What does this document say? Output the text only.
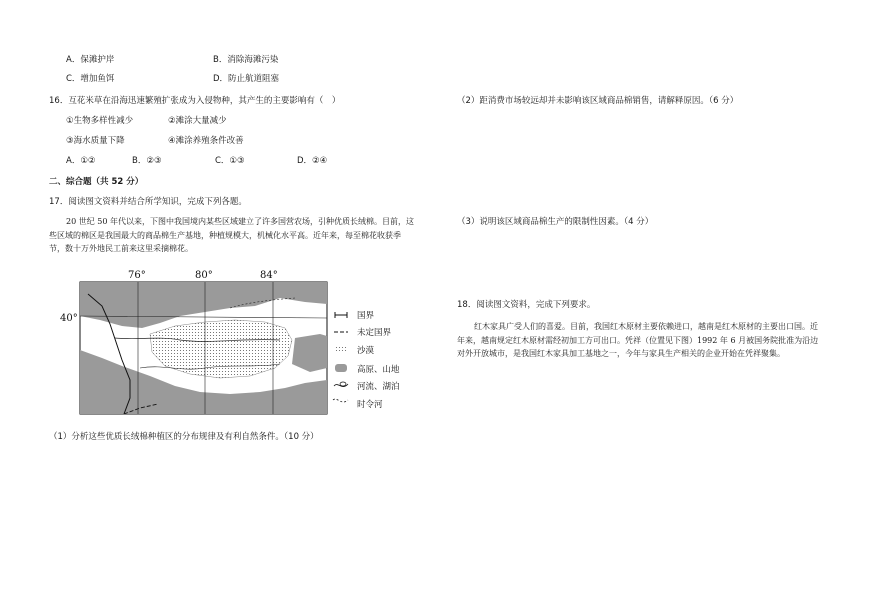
A．保滩护岸	B．消除海滩污染
C．增加鱼饵	D．防止航道阻塞
16．互花米草在沿海迅速繁殖扩张成为入侵物种，其产生的主要影响有（　）
①生物多样性减少	②滩涂大量减少
③海水质量下降	④滩涂养殖条件改善
A．①②	B．②③	C．①③	D．②④
二、综合题（共 52 分）
17．阅读图文资料并结合所学知识，完成下列各题。
20 世纪 50 年代以来，下图中我国境内某些区域建立了许多国营农场，引种优质长绒棉。目前，这些区域的棉区是我国最大的商品棉生产基地，种植规模大，机械化水平高。近年来，每至棉花收获季节，数十万外地民工前来这里采摘棉花。
76°	80°	84°
40°	国界
未定国界
沙漠
高原、山地
河流、湖泊
时令河
（1）分析这些优质长绒棉种植区的分布规律及有利自然条件。（10 分）
（2）距消费市场较远却并未影响该区域商品棉销售，请解释原因。（6 分）
（3）说明该区域商品棉生产的限制性因素。（4 分）
18．阅读图文资料，完成下列要求。
红木家具广受人们的喜爱。目前，我国红木原材主要依赖进口，越南是红木原材的主要出口国。近年来，越南规定红木原材需经初加工方可出口。凭祥（位置见下图）1992 年 6 月被国务院批准为沿边对外开放城市，是我国红木家具加工基地之一，今年与家具生产相关的企业开始在凭祥聚集。
